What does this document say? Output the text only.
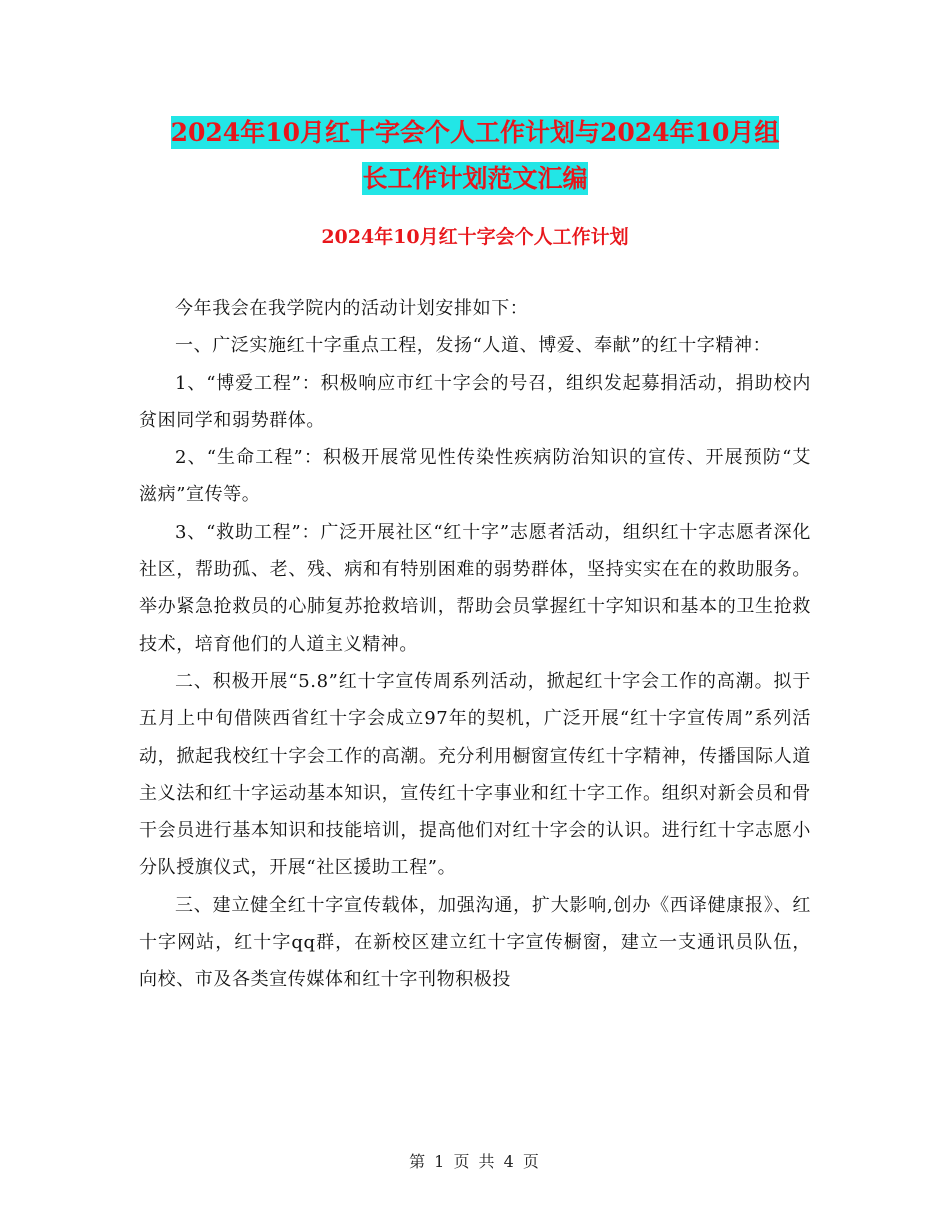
2024年10月红十字会个人工作计划与2024年10月组
长工作计划范文汇编
2024年10月红十字会个人工作计划

今年我会在我学院内的活动计划安排如下：

一、广泛实施红十字重点工程，发扬“人道、博爱、奉献”的红十字精神：

1、“博爱工程”：积极响应市红十字会的号召，组织发起募捐活动，捐助校内贫困同学和弱势群体。

2、“生命工程”：积极开展常见性传染性疾病防治知识的宣传、开展预防“艾滋病”宣传等。

3、“救助工程”：广泛开展社区“红十字”志愿者活动，组织红十字志愿者深化社区，帮助孤、老、残、病和有特别困难的弱势群体，坚持实实在在的救助服务。举办紧急抢救员的心肺复苏抢救培训，帮助会员掌握红十字知识和基本的卫生抢救技术，培育他们的人道主义精神。

二、积极开展“5.8”红十字宣传周系列活动，掀起红十字会工作的高潮。拟于五月上中旬借陕西省红十字会成立97年的契机，广泛开展“红十字宣传周”系列活动，掀起我校红十字会工作的高潮。充分利用橱窗宣传红十字精神，传播国际人道主义法和红十字运动基本知识，宣传红十字事业和红十字工作。组织对新会员和骨干会员进行基本知识和技能培训，提高他们对红十字会的认识。进行红十字志愿小分队授旗仪式，开展“社区援助工程”。

三、建立健全红十字宣传载体，加强沟通，扩大影响,创办《西译健康报》、红十字网站，红十字qq群，在新校区建立红十字宣传橱窗，建立一支通讯员队伍，向校、市及各类宣传媒体和红十字刊物积极投

第 1 页 共 4 页
